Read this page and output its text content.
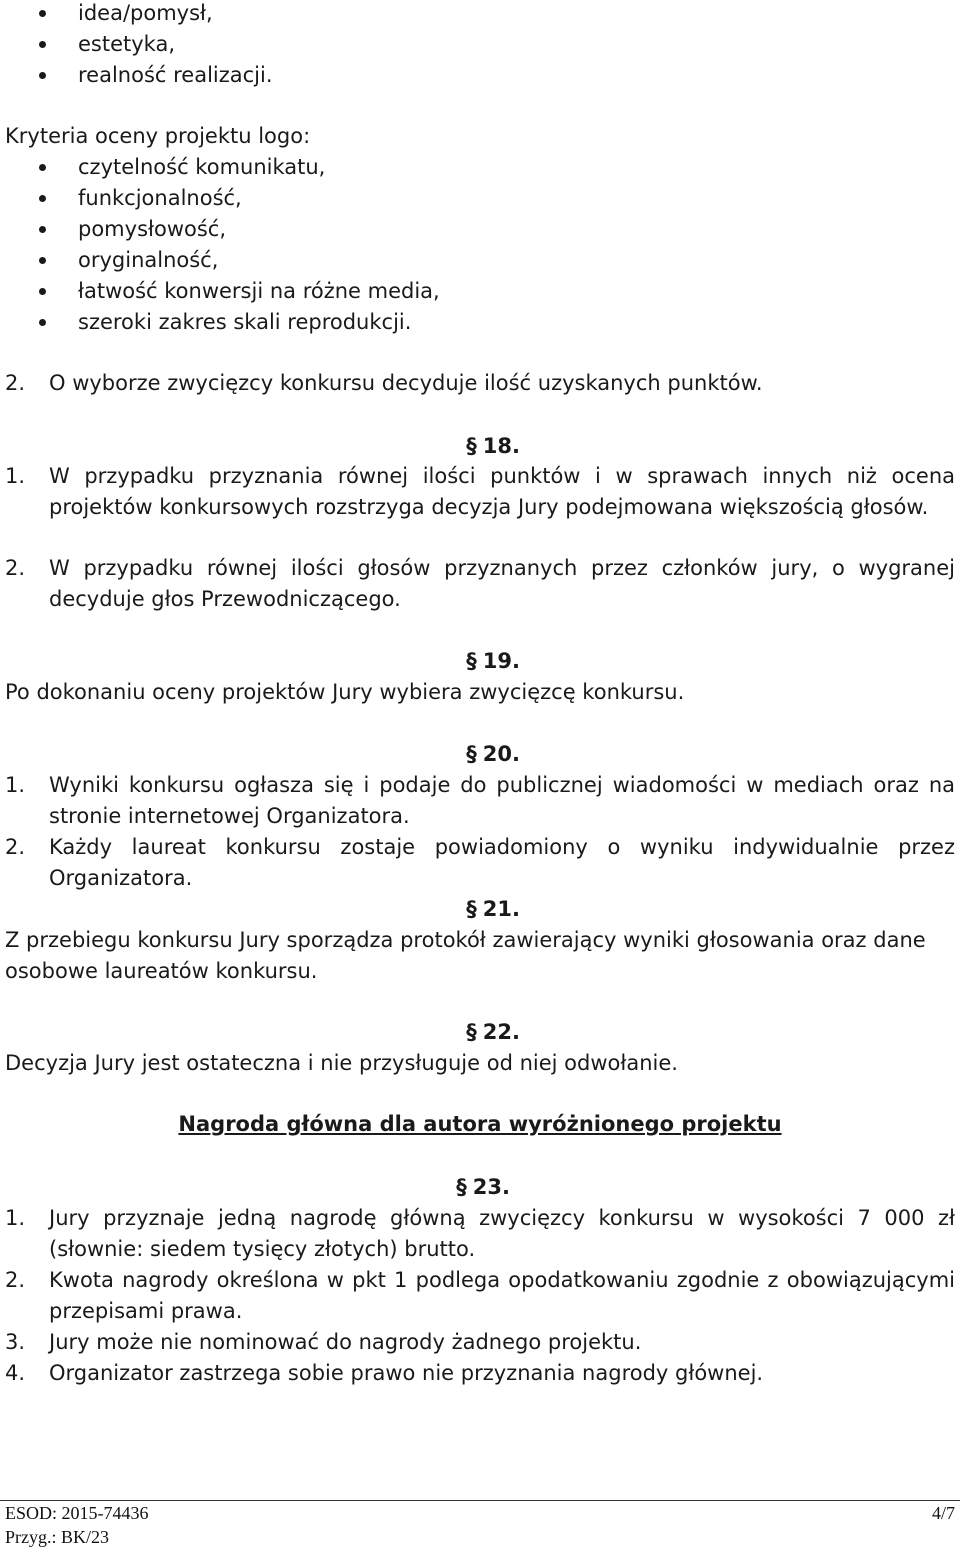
idea/pomysł,
estetyka,
realność realizacji.
Kryteria oceny projektu logo:
czytelność komunikatu,
funkcjonalność,
pomysłowość,
oryginalność,
łatwość konwersji na różne media,
szeroki zakres skali reprodukcji.
2.	O wyborze zwycięzcy konkursu decyduje ilość uzyskanych punktów.
§ 18.
1.	W przypadku przyznania równej ilości punktów i w sprawach innych niż ocena projektów konkursowych rozstrzyga decyzja Jury podejmowana większością głosów.
2.	W przypadku równej ilości głosów przyznanych przez członków jury, o wygranej decyduje głos Przewodniczącego.
§ 19.
Po dokonaniu oceny projektów Jury wybiera zwycięzcę konkursu.
§ 20.
1.	Wyniki konkursu ogłasza się i podaje do publicznej wiadomości w mediach oraz na stronie internetowej Organizatora.
2.	Każdy laureat konkursu zostaje powiadomiony o wyniku indywidualnie przez Organizatora.
§ 21.
Z przebiegu konkursu Jury sporządza protokół zawierający wyniki głosowania oraz dane osobowe laureatów konkursu.
§ 22.
Decyzja Jury jest ostateczna i nie przysługuje od niej odwołanie.
Nagroda główna dla autora wyróżnionego projektu
§ 23.
1.	Jury przyznaje jedną nagrodę główną zwycięzcy konkursu w wysokości 7 000 zł (słownie: siedem tysięcy złotych) brutto.
2.	Kwota nagrody określona w pkt 1 podlega opodatkowaniu zgodnie z obowiązującymi przepisami prawa.
3.	Jury może nie nominować do nagrody żadnego projektu.
4.	Organizator zastrzega sobie prawo nie przyznania nagrody głównej.
ESOD: 2015-74436	4/7
Przyg.: BK/23
